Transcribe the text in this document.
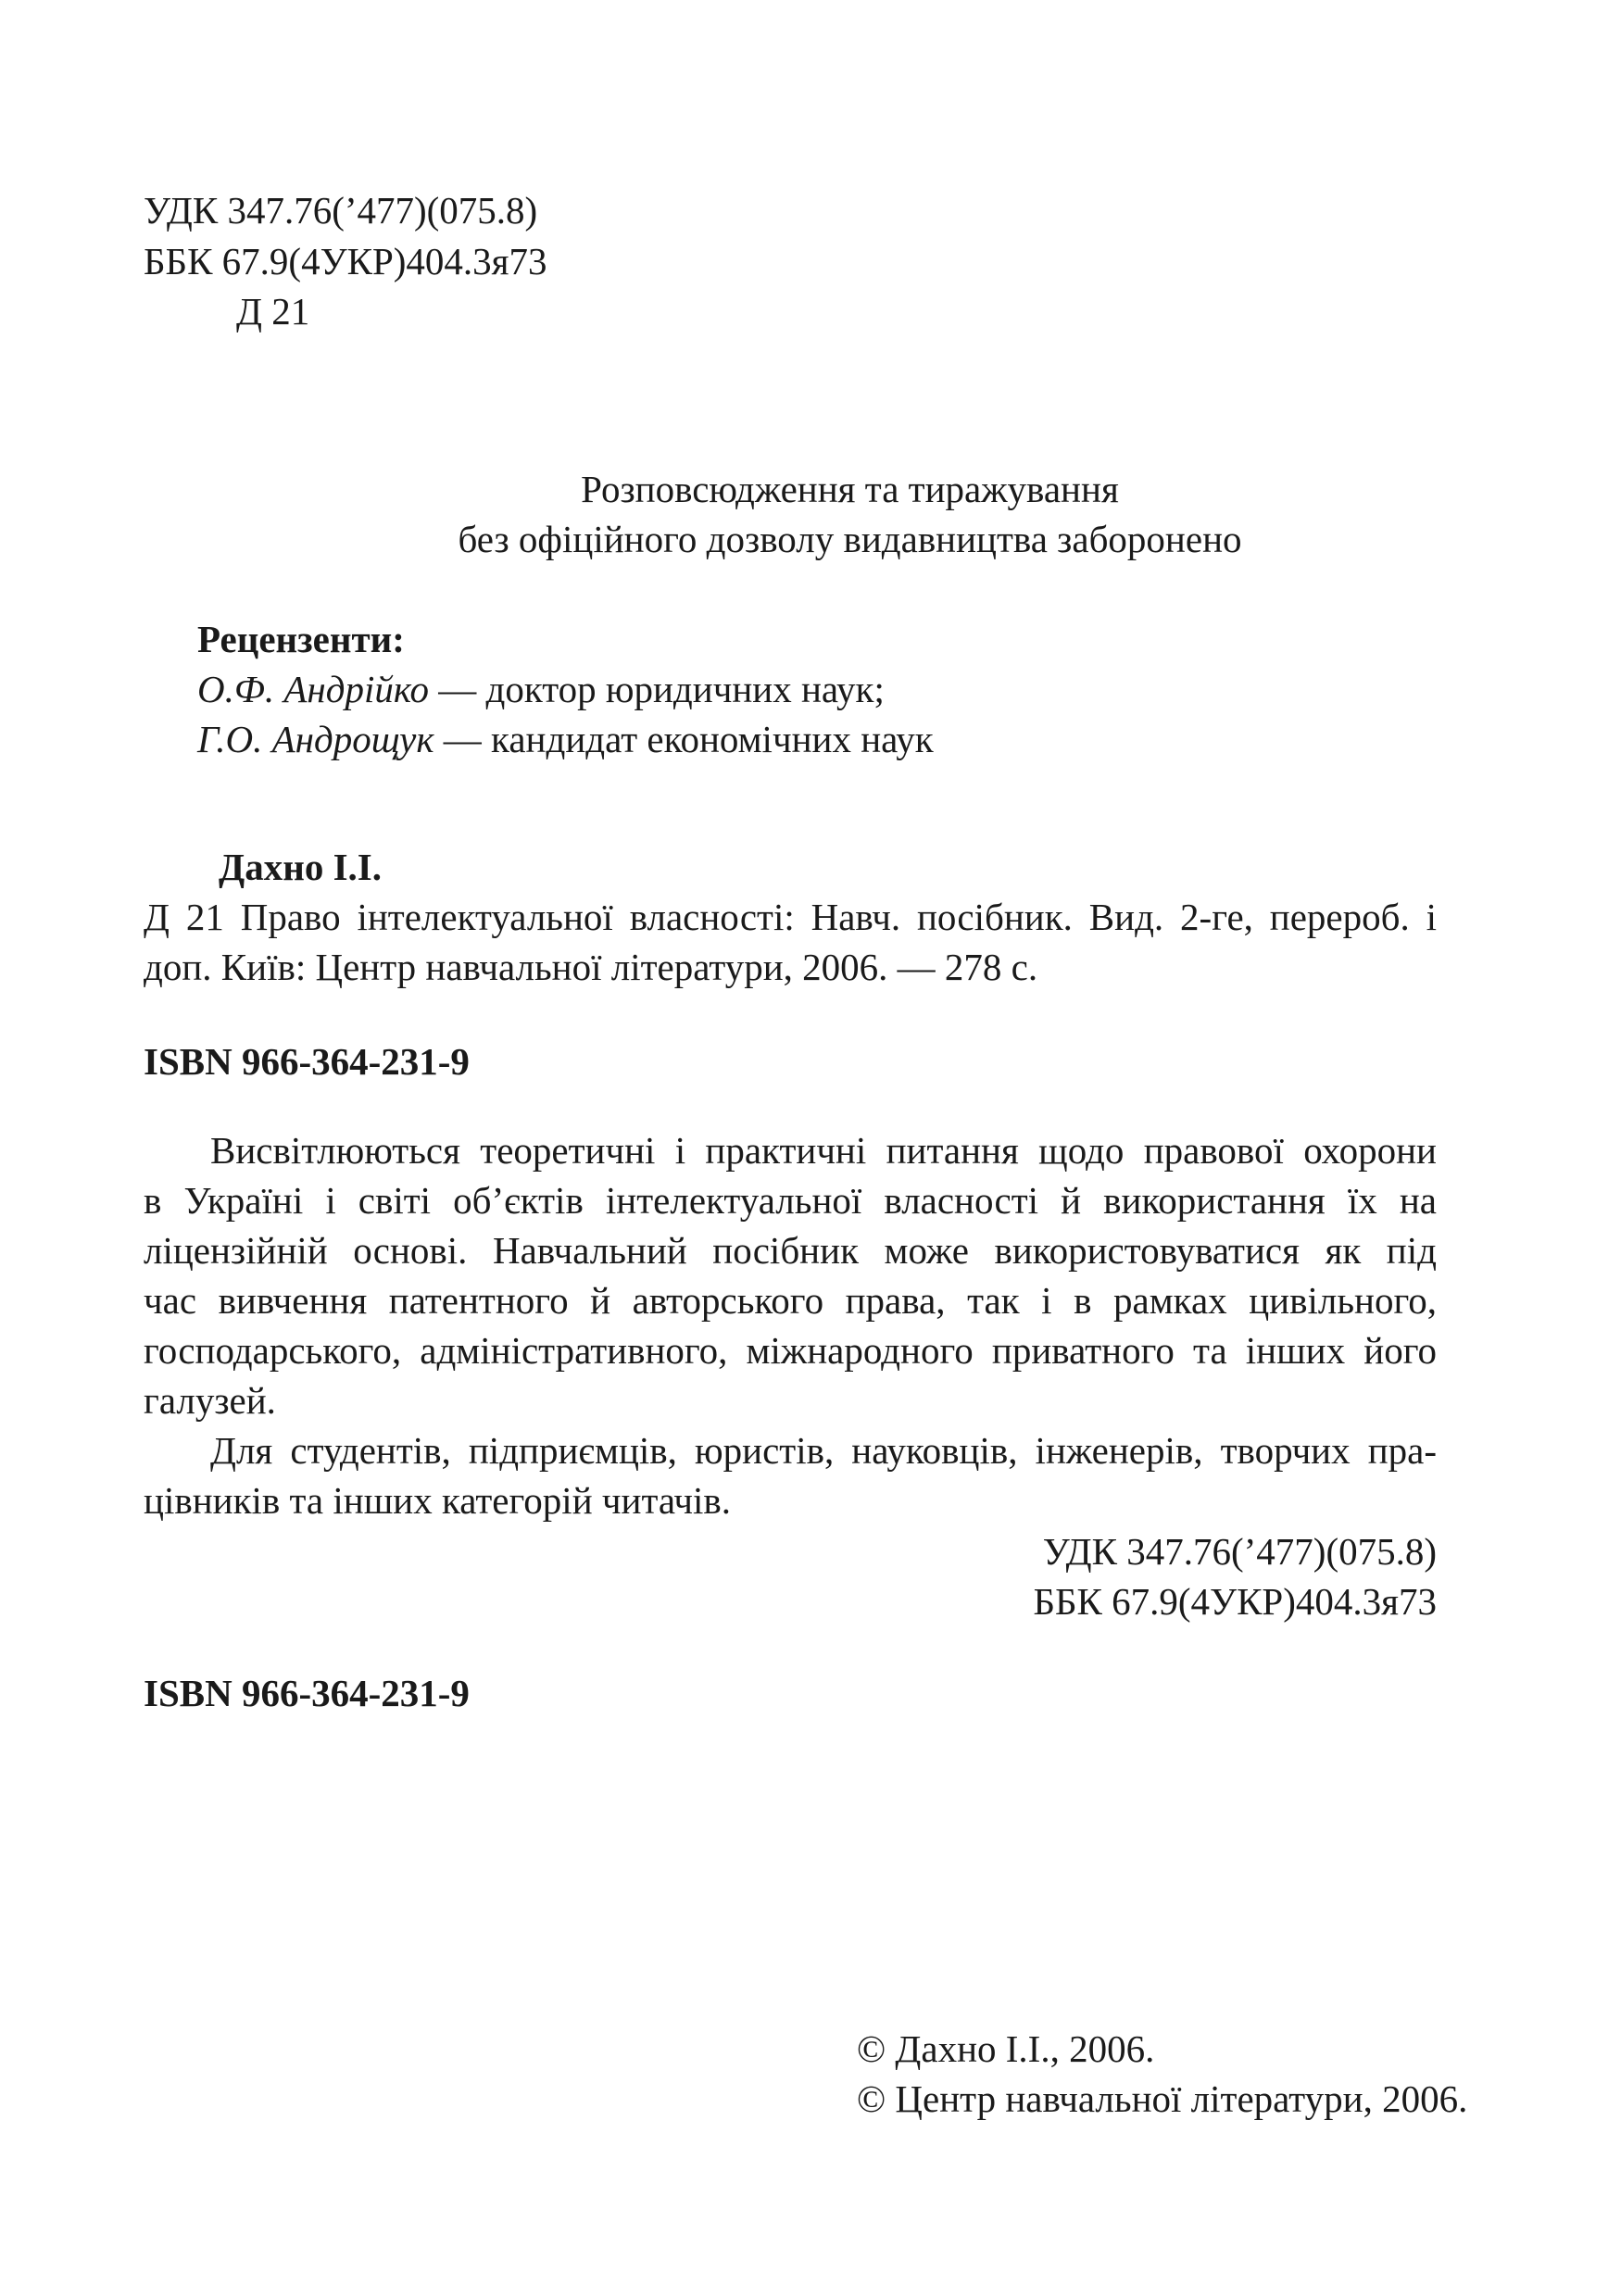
УДК 347.76(’477)(075.8)
ББК 67.9(4УКР)404.3я73
Д 21
Розповсюдження та тиражування
без офіційного дозволу видавництва заборонено
Рецензенти:
О.Ф. Андрійко — доктор юридичних наук;
Г.О. Андрощук — кандидат економічних наук
Дахно І.І.
Д 21 Право інтелектуальної власності: Навч. посібник. Вид. 2-ге, перероб. і
доп. Київ: Центр навчальної літератури, 2006. — 278 с.
ISBN 966-364-231-9
Висвітлюються теоретичні і практичні питання щодо правової охорони
в Україні і світі об’єктів інтелектуальної власності й використання їх на
ліцензійній основі. Навчальний посібник може використовуватися як під
час вивчення патентного й авторського права, так і в рамках цивільного,
господарського, адміністративного, міжнародного приватного та інших його
галузей.
Для студентів, підприємців, юристів, науковців, інженерів, творчих пра-
цівників та інших категорій читачів.
УДК 347.76(’477)(075.8)
ББК 67.9(4УКР)404.3я73
ISBN 966-364-231-9
© Дахно І.І., 2006.
© Центр навчальної літератури, 2006.
